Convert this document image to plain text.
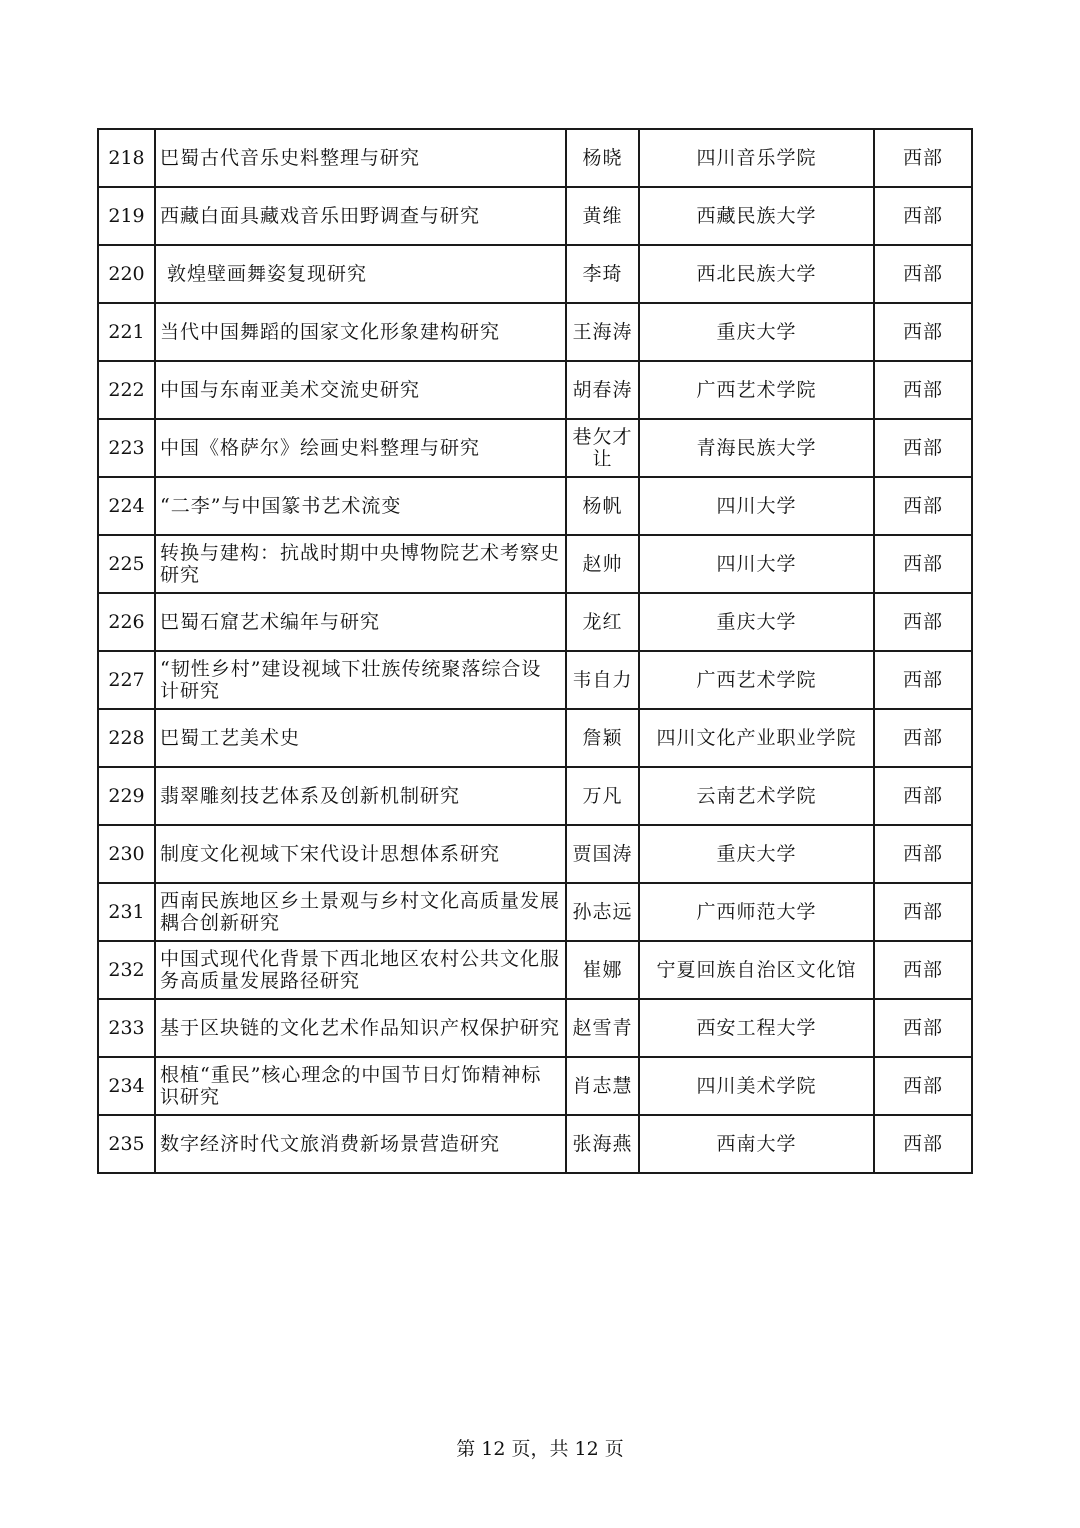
218	巴蜀古代音乐史料整理与研究	杨晓	四川音乐学院	西部
219	西藏白面具藏戏音乐田野调查与研究	黄维	西藏民族大学	西部
220	敦煌壁画舞姿复现研究	李琦	西北民族大学	西部
221	当代中国舞蹈的国家文化形象建构研究	王海涛	重庆大学	西部
222	中国与东南亚美术交流史研究	胡春涛	广西艺术学院	西部
223	中国《格萨尔》绘画史料整理与研究	巷欠才让	青海民族大学	西部
224	“二李”与中国篆书艺术流变	杨帆	四川大学	西部
225	转换与建构：抗战时期中央博物院艺术考察史研究	赵帅	四川大学	西部
226	巴蜀石窟艺术编年与研究	龙红	重庆大学	西部
227	“韧性乡村”建设视域下壮族传统聚落综合设计研究	韦自力	广西艺术学院	西部
228	巴蜀工艺美术史	詹颖	四川文化产业职业学院	西部
229	翡翠雕刻技艺体系及创新机制研究	万凡	云南艺术学院	西部
230	制度文化视域下宋代设计思想体系研究	贾国涛	重庆大学	西部
231	西南民族地区乡土景观与乡村文化高质量发展耦合创新研究	孙志远	广西师范大学	西部
232	中国式现代化背景下西北地区农村公共文化服务高质量发展路径研究	崔娜	宁夏回族自治区文化馆	西部
233	基于区块链的文化艺术作品知识产权保护研究	赵雪青	西安工程大学	西部
234	根植“重民”核心理念的中国节日灯饰精神标识研究	肖志慧	四川美术学院	西部
235	数字经济时代文旅消费新场景营造研究	张海燕	西南大学	西部
第 12 页，共 12 页
